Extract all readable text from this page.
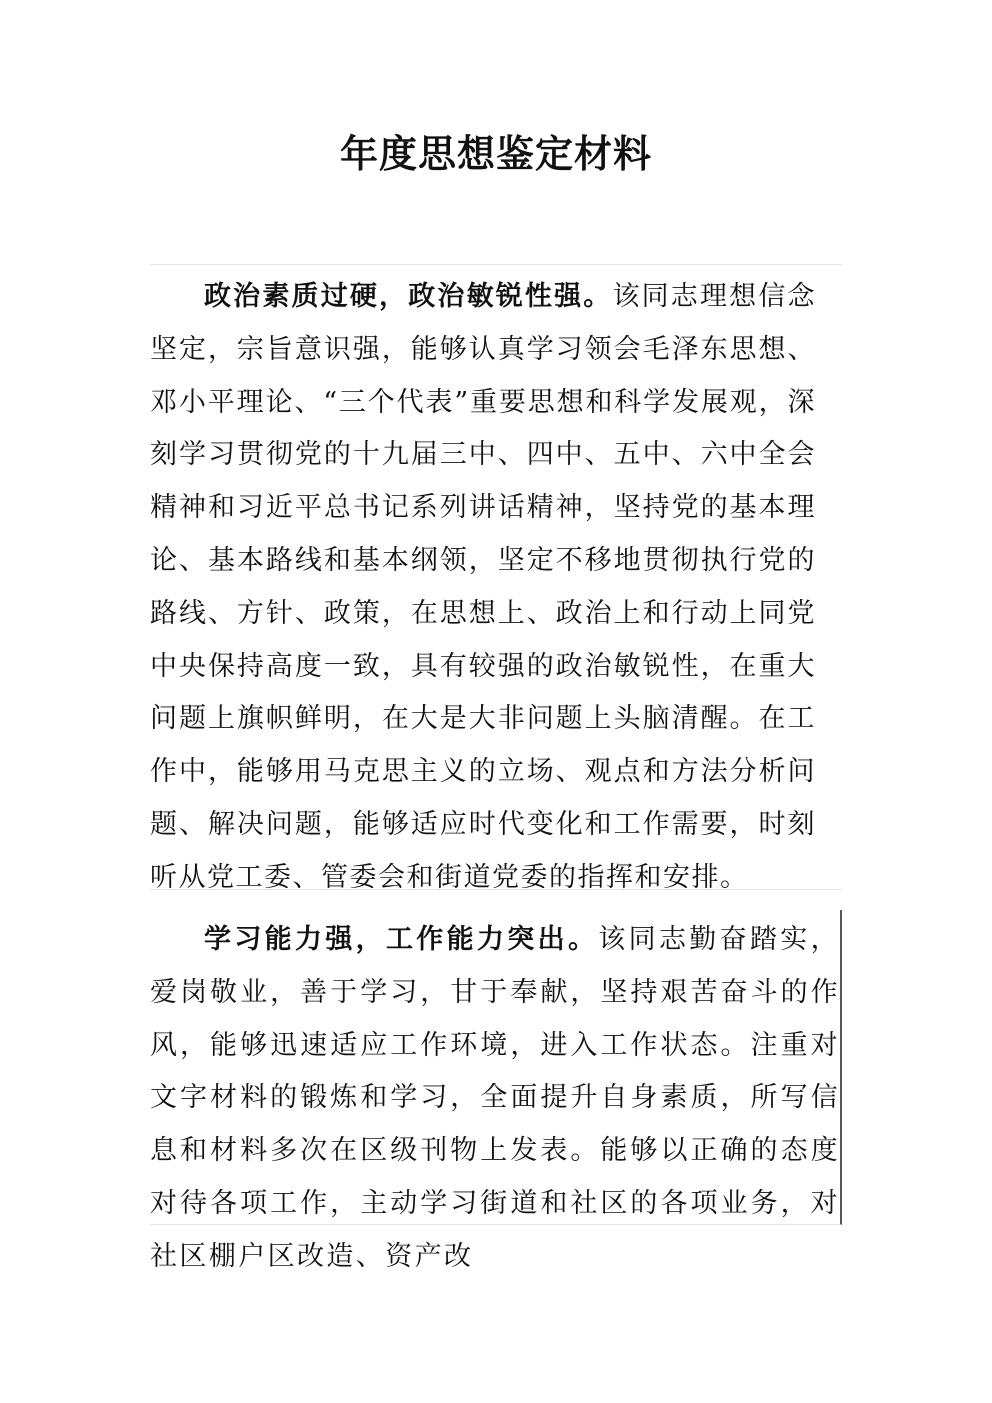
年度思想鉴定材料

政治素质过硬，政治敏锐性强。该同志理想信念坚定，宗旨意识强，能够认真学习领会毛泽东思想、邓小平理论、“三个代表”重要思想和科学发展观，深刻学习贯彻党的十九届三中、四中、五中、六中全会精神和习近平总书记系列讲话精神，坚持党的基本理论、基本路线和基本纲领，坚定不移地贯彻执行党的路线、方针、政策，在思想上、政治上和行动上同党中央保持高度一致，具有较强的政治敏锐性，在重大问题上旗帜鲜明，在大是大非问题上头脑清醒。在工作中，能够用马克思主义的立场、观点和方法分析问题、解决问题，能够适应时代变化和工作需要，时刻听从党工委、管委会和街道党委的指挥和安排。

学习能力强，工作能力突出。该同志勤奋踏实，爱岗敬业，善于学习，甘于奉献，坚持艰苦奋斗的作风，能够迅速适应工作环境，进入工作状态。注重对文字材料的锻炼和学习，全面提升自身素质，所写信息和材料多次在区级刊物上发表。能够以正确的态度对待各项工作，主动学习街道和社区的各项业务，对社区棚户区改造、资产改
